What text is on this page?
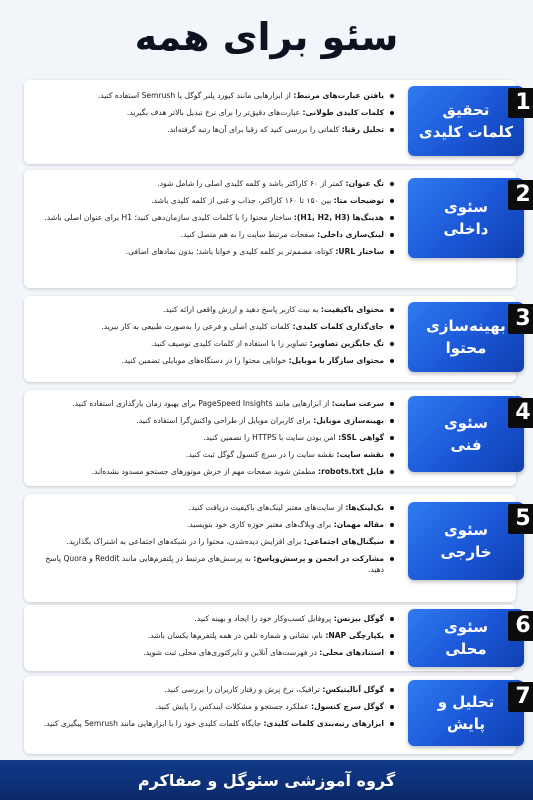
سئو برای همه
یافتن عبارت‌های مرتبط: از ابزارهایی مانند کیورد پلنر گوگل یا Semrush استفاده کنید.
کلمات کلیدی طولانی: عبارت‌های دقیق‌تر را برای نرخ تبدیل بالاتر هدف بگیرید.
تحلیل رقبا: کلماتی را بررسی کنید که رقبا برای آن‌ها رتبه گرفته‌اند.
تحقیق
کلمات کلیدی
1
تگ عنوان: کمتر از ۶۰ کاراکتر باشد و کلمه کلیدی اصلی را شامل شود.
توضیحات متا: بین ۱۵۰ تا ۱۶۰ کاراکتر، جذاب و غنی از کلمه کلیدی باشد.
هدینگ‌ها (H1, H2, H3): ساختار محتوا را با کلمات کلیدی سازمان‌دهی کنید؛ H1 برای عنوان اصلی باشد.
لینک‌سازی داخلی: صفحات مرتبط سایت را به هم متصل کنید.
ساختار URL: کوتاه، مصمم‌تر بر کلمه کلیدی و خوانا باشد؛ بدون نمادهای اضافی.
سئوی
داخلی
2
محتوای باکیفیت: به نیت کاربر پاسخ دهید و ارزش واقعی ارائه کنید.
جای‌گذاری کلمات کلیدی: کلمات کلیدی اصلی و فرعی را به‌صورت طبیعی به کار ببرید.
تگ جایگزین تصاویر: تصاویر را با استفاده از کلمات کلیدی توصیف کنید.
محتوای سازگار با موبایل: خوانایی محتوا را در دستگاه‌های موبایلی تضمین کنید.
بهینه‌سازی
محتوا
3
سرعت سایت: از ابزارهایی مانند PageSpeed Insights برای بهبود زمان بارگذاری استفاده کنید.
بهینه‌سازی موبایل: برای کاربران موبایل از طراحی واکنش‌گرا استفاده کنید.
گواهی SSL: امن بودن سایت با HTTPS را تضمین کنید.
نقشه سایت: نقشه سایت را در سرچ کنسول گوگل ثبت کنید.
فایل robots.txt: مطمئن شوید صفحات مهم از خزش موتورهای جستجو مسدود نشده‌اند.
سئوی
فنی
4
بک‌لینک‌ها: از سایت‌های معتبر لینک‌های باکیفیت دریافت کنید.
مقاله مهمان: برای وبلاگ‌های معتبر حوزه کاری خود بنویسید.
سیگنال‌های اجتماعی: برای افزایش دیده‌شدن، محتوا را در شبکه‌های اجتماعی به اشتراک بگذارید.
مشارکت در انجمن و پرسش‌وپاسخ: به پرسش‌های مرتبط در پلتفرم‌هایی مانند Reddit و Quora پاسخ دهید.
سئوی
خارجی
5
گوگل بیزنس: پروفایل کسب‌وکار خود را ایجاد و بهینه کنید.
یکپارچگی NAP: نام، نشانی و شماره تلفن در همه پلتفرم‌ها یکسان باشد.
استنادهای محلی: در فهرست‌های آنلاین و دایرکتوری‌های محلی ثبت شوید.
سئوی
محلی
6
گوگل آنالیتیکس: ترافیک، نرخ پرش و رفتار کاربران را بررسی کنید.
گوگل سرچ کنسول: عملکرد جستجو و مشکلات ایندکس را پایش کنید.
ابزارهای رتبه‌بندی کلمات کلیدی: جایگاه کلمات کلیدی خود را با ابزارهایی مانند Semrush پیگیری کنید.
تحلیل و
پایش
7
گروه آموزشی سئوگل و صفاکرم
